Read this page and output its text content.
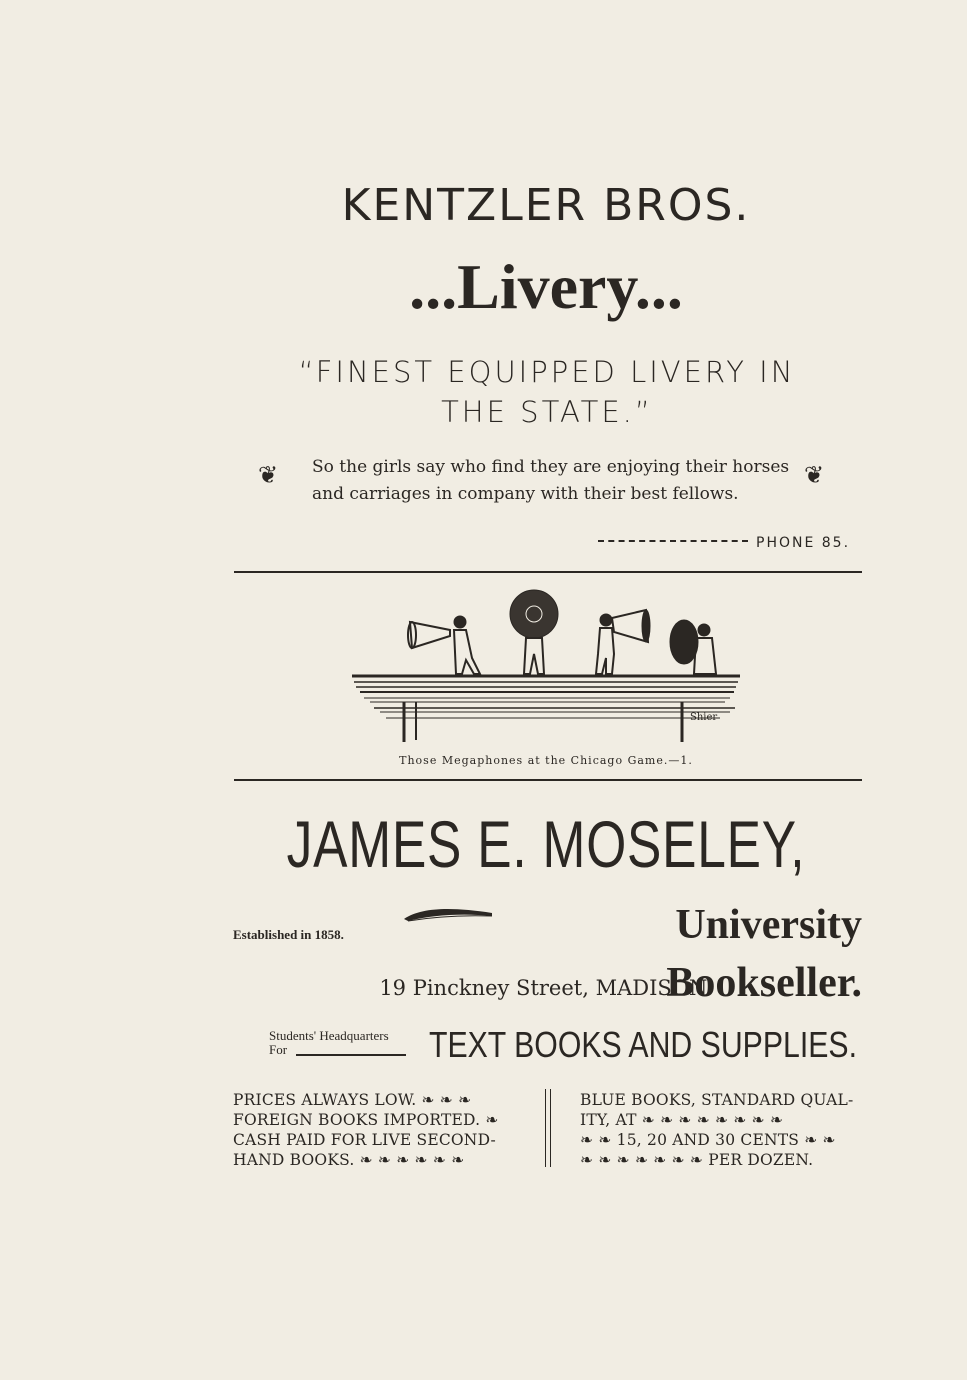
KENTZLER BROS.
...Livery...
“FINEST EQUIPPED LIVERY IN
THE STATE.”
❦ So the girls say who find they are enjoying their horses
and carriages in company with their best fellows.
❦
PHONE 85.
Shier
Those Megaphones at the Chicago Game.—1.
JAMES E. MOSELEY,
Established in 1858.	University Bookseller.
19 Pinckney Street, MADISON.
Students' Headquarters
For	TEXT BOOKS AND SUPPLIES.
PRICES ALWAYS LOW. ❧ ❧ ❧
FOREIGN BOOKS IMPORTED. ❧
CASH PAID FOR LIVE SECOND-
HAND BOOKS. ❧ ❧ ❧ ❧ ❧ ❧
BLUE BOOKS, STANDARD QUAL-
ITY, AT ❧ ❧ ❧ ❧ ❧ ❧ ❧ ❧
❧ ❧ 15, 20 AND 30 CENTS ❧ ❧
❧ ❧ ❧ ❧ ❧ ❧ ❧ PER DOZEN.
